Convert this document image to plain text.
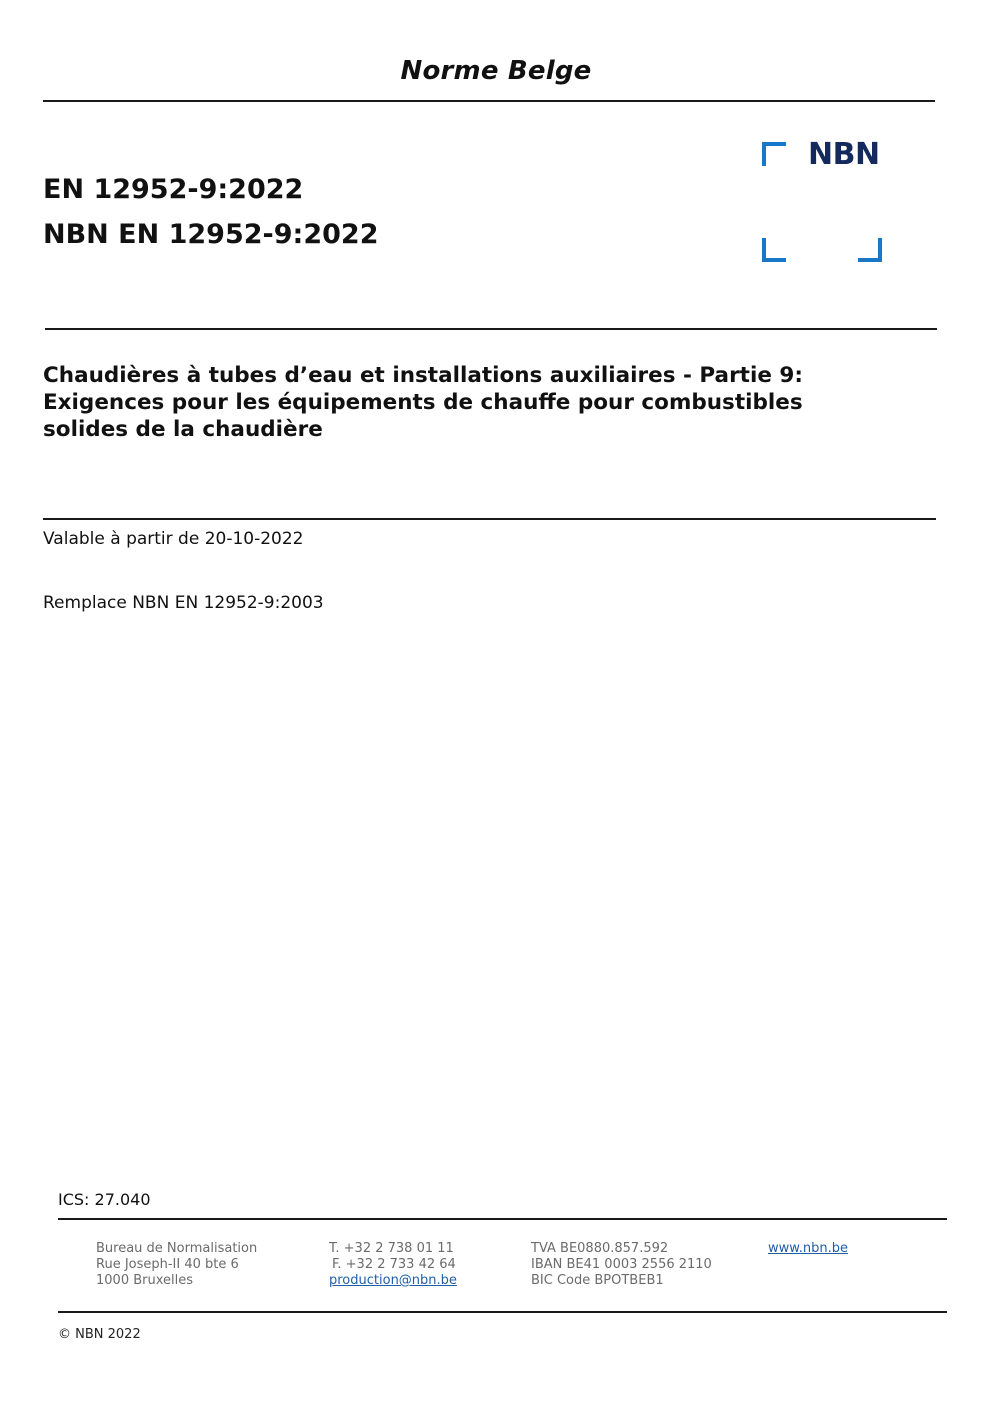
Norme Belge
NBN
EN 12952-9:2022
NBN EN 12952-9:2022
Chaudières à tubes d’eau et installations auxiliaires - Partie 9:
Exigences pour les équipements de chauffe pour combustibles
solides de la chaudière
Valable à partir de 20-10-2022
Remplace NBN EN 12952-9:2003
ICS: 27.040
Bureau de Normalisation
Rue Joseph-II 40 bte 6
1000 Bruxelles
T. +32 2 738 01 11
F. +32 2 733 42 64
production@nbn.be
TVA BE0880.857.592
IBAN BE41 0003 2556 2110
BIC Code BPOTBEB1
www.nbn.be
© NBN 2022
